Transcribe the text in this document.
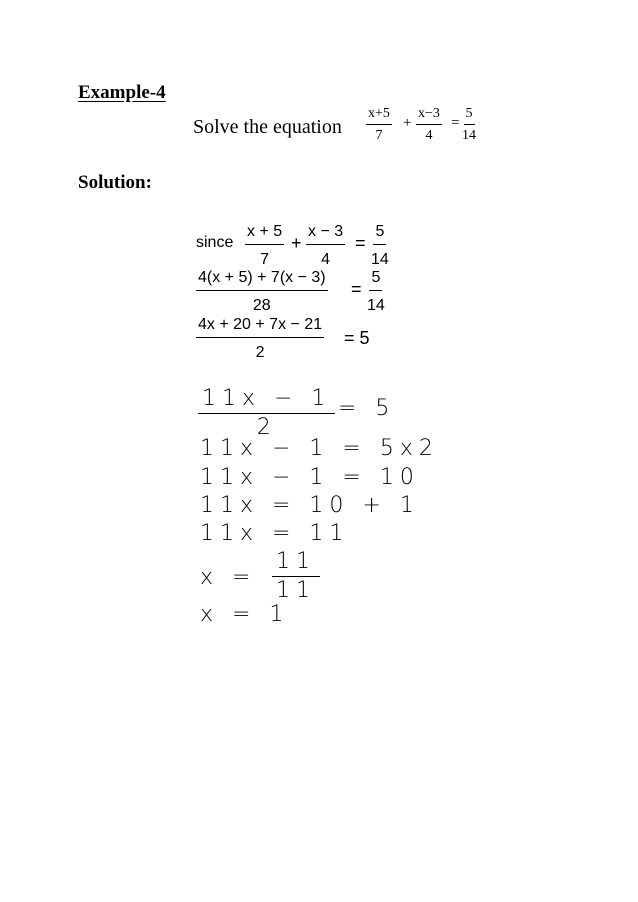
Example-4
Solve the equation $\frac{x+5}{7} + \frac{x-3}{4} = \frac{5}{14}$
Solution:
since $\frac{x + 5}{7} + \frac{x - 3}{4} = \frac{5}{14}$
$\frac{4(x + 5) + 7(x - 3)}{28} = \frac{5}{14}$
$\frac{4x + 20 + 7x - 21}{2} = 5$
$\frac{11x - 1}{2} = 5$
11x − 1 = 5x2
11x − 1 = 10
11x = 10 + 1
11x = 11
$x = \frac{11}{11}$
x = 1
